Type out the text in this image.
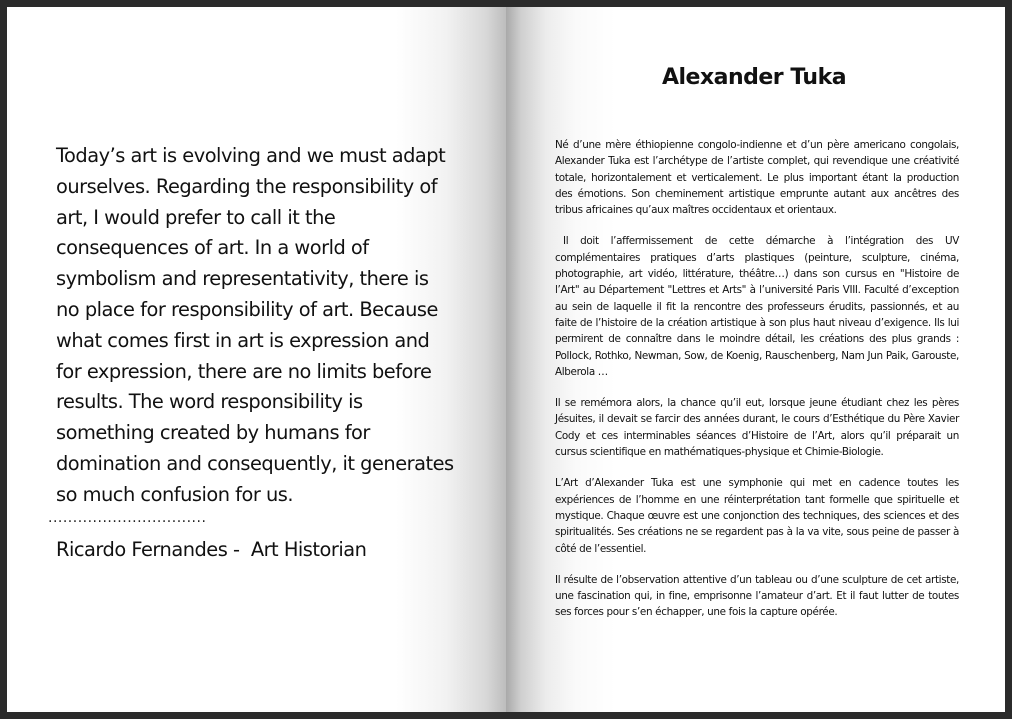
Today’s art is evolving and we must adapt ourselves. Regarding the responsibility of art, I would prefer to call it the consequences of art. In a world of symbolism and representativity, there is no place for responsibility of art. Because what comes first in art is expression and for expression, there are no limits before results. The word responsibility is something created by humans for domination and consequently, it generates so much confusion for us.

................................

Ricardo Fernandes -  Art Historian

Alexander Tuka

Né d’une mère éthiopienne congolo-indienne et d’un père americano congolais, Alexander Tuka est l’archétype de l’artiste complet, qui revendique une créativité totale, horizontalement et verticalement. Le plus important étant la production des émotions. Son cheminement artistique emprunte autant aux ancêtres des tribus africaines qu’aux maîtres occidentaux et orientaux.

Il doit l’affermissement de cette démarche à l’intégration des UV complémentaires pratiques d’arts plastiques (peinture, sculpture, cinéma, photographie, art vidéo, littérature, théâtre…) dans son cursus en "Histoire de l’Art" au Département "Lettres et Arts" à l’université Paris VIII. Faculté d’exception au sein de laquelle il fit la rencontre des professeurs érudits, passionnés, et au faite de l’histoire de la création artistique à son plus haut niveau d’exigence. Ils lui permirent de connaître dans le moindre détail, les créations des plus grands : Pollock, Rothko, Newman, Sow, de Koenig, Rauschenberg, Nam Jun Paik, Garouste, Alberola …

Il se remémora alors, la chance qu’il eut, lorsque jeune étudiant chez les pères Jésuites, il devait se farcir des années durant, le cours d’Esthétique du Père Xavier Cody et ces interminables séances d’Histoire de l’Art, alors qu’il préparait un cursus scientifique en mathématiques-physique et Chimie-Biologie.

L’Art d’Alexander Tuka est une symphonie qui met en cadence toutes les expériences de l’homme en une réinterprétation tant formelle que spirituelle et mystique. Chaque œuvre est une conjonction des techniques, des sciences et des spiritualités. Ses créations ne se regardent pas à la va vite, sous peine de passer à côté de l’essentiel.

Il résulte de l’observation attentive d’un tableau ou d’une sculpture de cet artiste, une fascination qui, in fine, emprisonne l’amateur d’art. Et il faut lutter de toutes ses forces pour s’en échapper, une fois la capture opérée.
